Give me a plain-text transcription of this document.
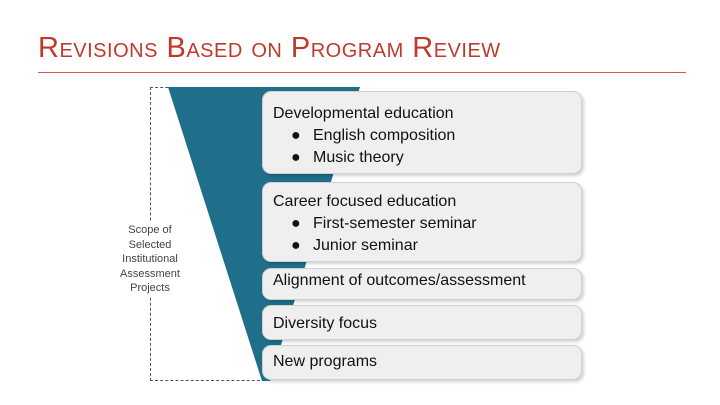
Revisions Based on Program Review
Scope of Selected Institutional Assessment Projects
Developmental education
● English composition
● Music theory
Career focused education
● First-semester seminar
● Junior seminar
Alignment of outcomes/assessment
Diversity focus
New programs
